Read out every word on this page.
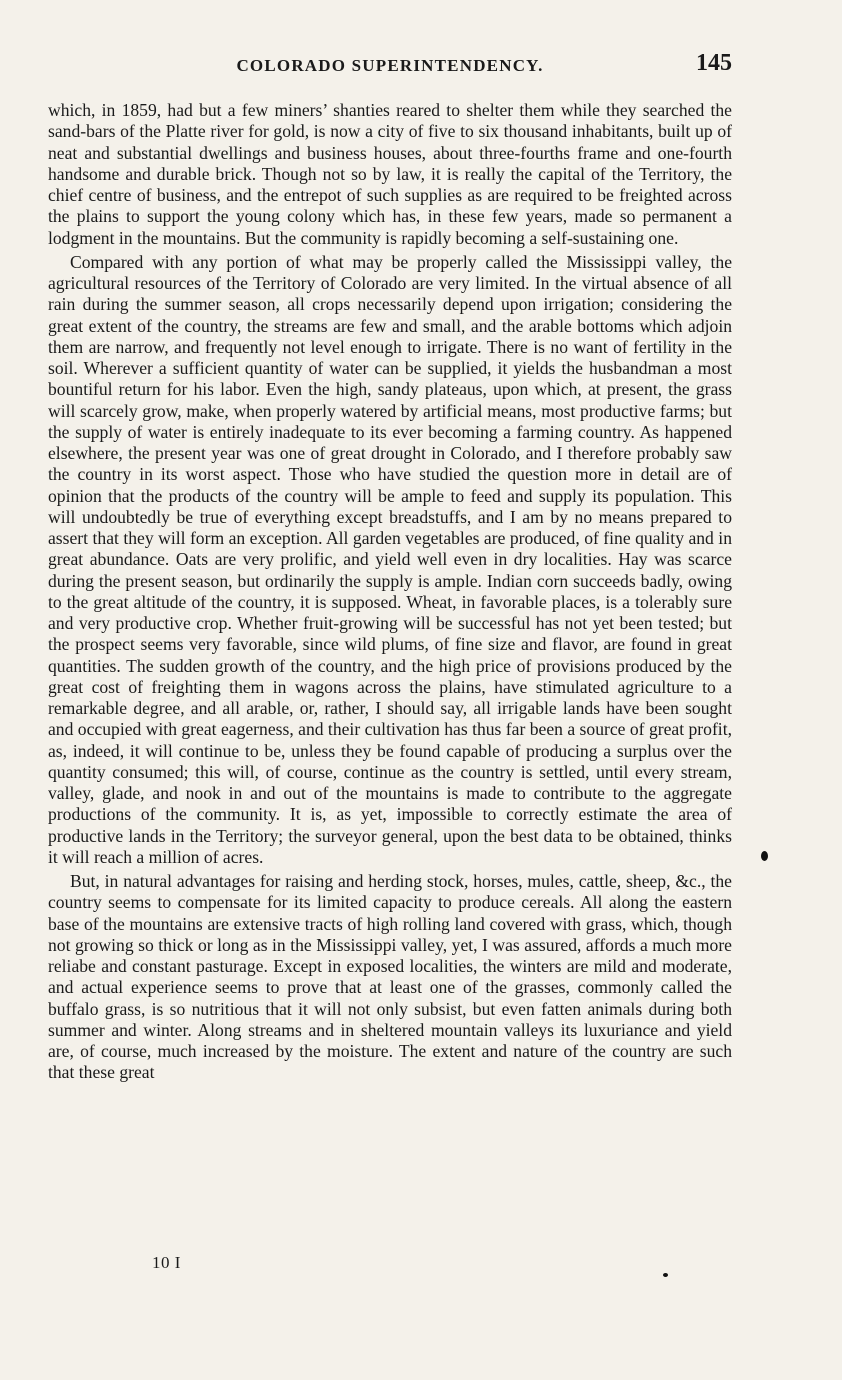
COLORADO SUPERINTENDENCY.	145

which, in 1859, had but a few miners’ shanties reared to shelter them while they searched the sand-bars of the Platte river for gold, is now a city of five to six thousand inhabitants, built up of neat and substantial dwellings and business houses, about three-fourths frame and one-fourth handsome and durable brick. Though not so by law, it is really the capital of the Territory, the chief centre of business, and the entrepot of such supplies as are required to be freighted across the plains to support the young colony which has, in these few years, made so permanent a lodgment in the mountains. But the community is rapidly becoming a self-sustaining one.

Compared with any portion of what may be properly called the Mississippi valley, the agricultural resources of the Territory of Colorado are very limited. In the virtual absence of all rain during the summer season, all crops necessarily depend upon irrigation; considering the great extent of the country, the streams are few and small, and the arable bottoms which adjoin them are narrow, and frequently not level enough to irrigate. There is no want of fertility in the soil. Wherever a sufficient quantity of water can be supplied, it yields the husbandman a most bountiful return for his labor. Even the high, sandy plateaus, upon which, at present, the grass will scarcely grow, make, when properly watered by artificial means, most productive farms; but the supply of water is entirely inadequate to its ever becoming a farming country. As happened elsewhere, the present year was one of great drought in Colorado, and I therefore probably saw the country in its worst aspect. Those who have studied the question more in detail are of opinion that the products of the country will be ample to feed and supply its population. This will undoubtedly be true of everything except breadstuffs, and I am by no means prepared to assert that they will form an exception. All garden vegetables are produced, of fine quality and in great abundance. Oats are very prolific, and yield well even in dry localities. Hay was scarce during the present season, but ordinarily the supply is ample. Indian corn succeeds badly, owing to the great altitude of the country, it is supposed. Wheat, in favorable places, is a tolerably sure and very productive crop. Whether fruit-growing will be successful has not yet been tested; but the prospect seems very favorable, since wild plums, of fine size and flavor, are found in great quantities. The sudden growth of the country, and the high price of provisions produced by the great cost of freighting them in wagons across the plains, have stimulated agriculture to a remarkable degree, and all arable, or, rather, I should say, all irrigable lands have been sought and occupied with great eagerness, and their cultivation has thus far been a source of great profit, as, indeed, it will continue to be, unless they be found capable of producing a surplus over the quantity consumed; this will, of course, continue as the country is settled, until every stream, valley, glade, and nook in and out of the mountains is made to contribute to the aggregate productions of the community. It is, as yet, impossible to correctly estimate the area of productive lands in the Territory; the surveyor general, upon the best data to be obtained, thinks it will reach a million of acres.

But, in natural advantages for raising and herding stock, horses, mules, cattle, sheep, &c., the country seems to compensate for its limited capacity to produce cereals. All along the eastern base of the mountains are extensive tracts of high rolling land covered with grass, which, though not growing so thick or long as in the Mississippi valley, yet, I was assured, affords a much more reliabe and constant pasturage. Except in exposed localities, the winters are mild and moderate, and actual experience seems to prove that at least one of the grasses, commonly called the buffalo grass, is so nutritious that it will not only subsist, but even fatten animals during both summer and winter. Along streams and in sheltered mountain valleys its luxuriance and yield are, of course, much increased by the moisture. The extent and nature of the country are such that these great

10 I
